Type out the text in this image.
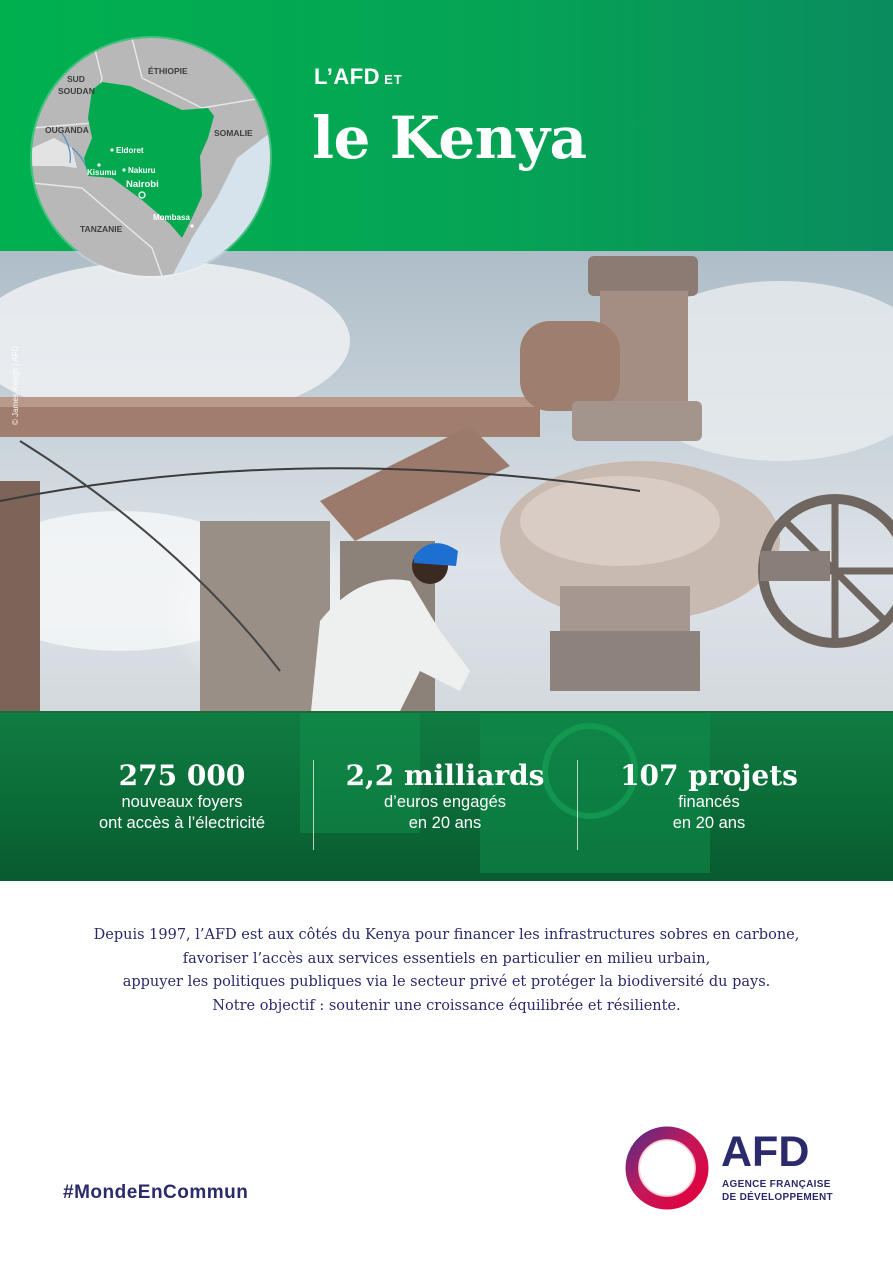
L’AFD ET
le Kenya
SUD
SOUDAN
ÉTHIOPIE
OUGANDA	SOMALIE
TANZANIE
Eldoret
Kisumu Nakuru
Nairobi
Mombasa
© James Keogh | AFD
275 000
nouveaux foyers
ont accès à l’électricité
2,2 milliards
d’euros engagés
en 20 ans
107 projets
financés
en 20 ans

Depuis 1997, l’AFD est aux côtés du Kenya pour financer les infrastructures sobres en carbone,

favoriser l’accès aux services essentiels en particulier en milieu urbain,

appuyer les politiques publiques via le secteur privé et protéger la biodiversité du pays.

Notre objectif : soutenir une croissance équilibrée et résiliente.

#MondeEnCommun
AFD
AGENCE FRANÇAISE
DE DÉVELOPPEMENT
